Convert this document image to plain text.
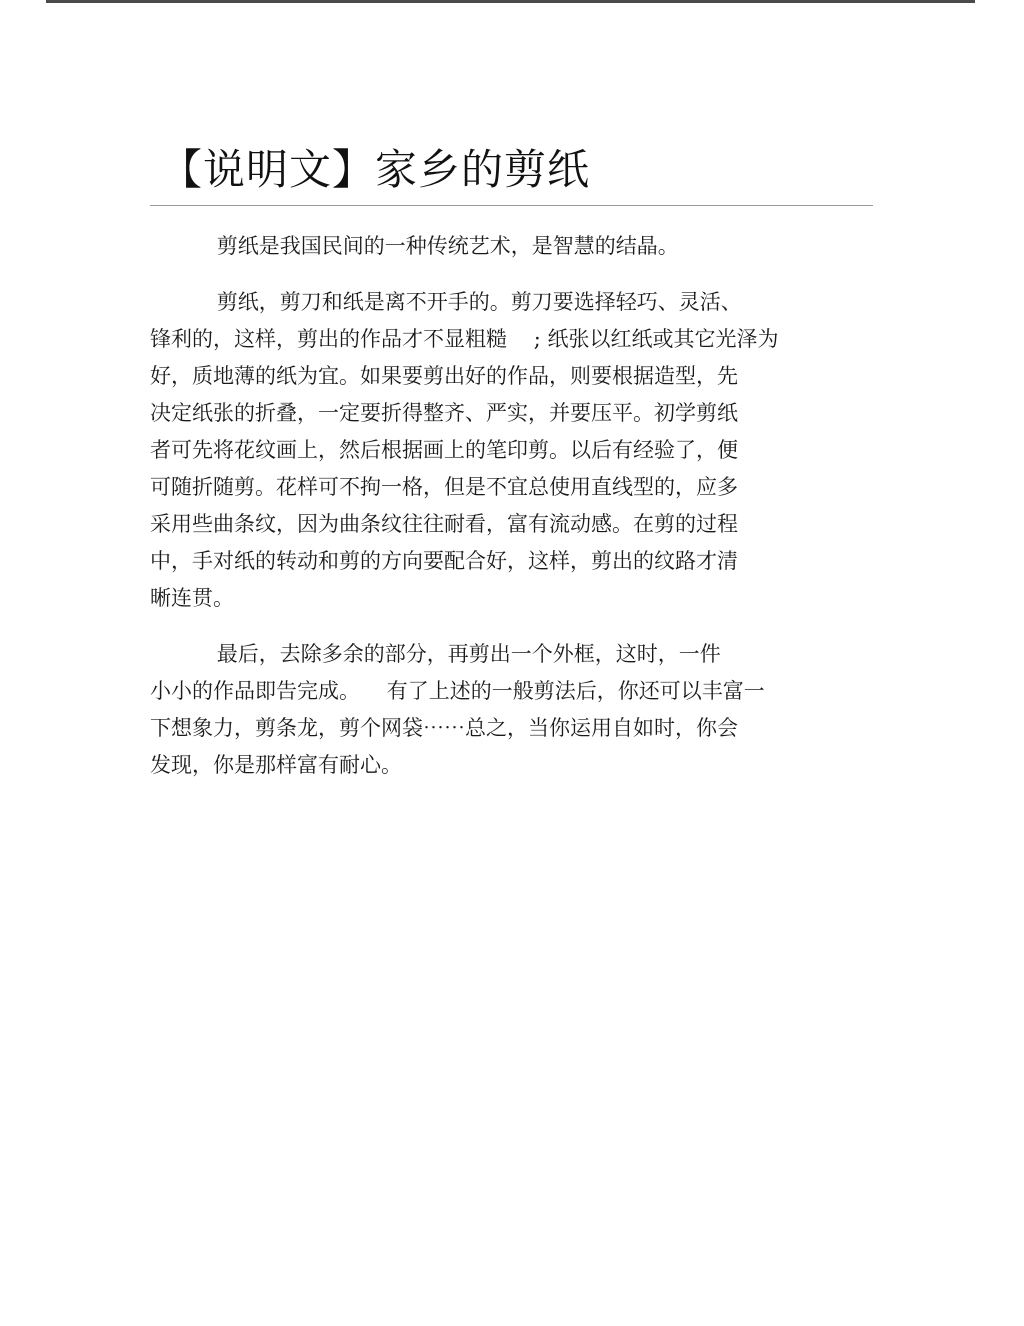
【说明文】家乡的剪纸
剪纸是我国民间的一种传统艺术，是智慧的结晶。
剪纸，剪刀和纸是离不开手的。剪刀要选择轻巧、灵活、
锋利的，这样，剪出的作品才不显粗糙    ; 纸张以红纸或其它光泽为
好，质地薄的纸为宜。如果要剪出好的作品，则要根据造型，先
决定纸张的折叠，一定要折得整齐、严实，并要压平。初学剪纸
者可先将花纹画上，然后根据画上的笔印剪。以后有经验了，便
可随折随剪。花样可不拘一格，但是不宜总使用直线型的，应多
采用些曲条纹，因为曲条纹往往耐看，富有流动感。在剪的过程
中，手对纸的转动和剪的方向要配合好，这样，剪出的纹路才清
晰连贯。
最后，去除多余的部分，再剪出一个外框，这时，一件
小小的作品即告完成。    有了上述的一般剪法后，你还可以丰富一
下想象力，剪条龙，剪个网袋⋯⋯总之，当你运用自如时，你会
发现，你是那样富有耐心。
